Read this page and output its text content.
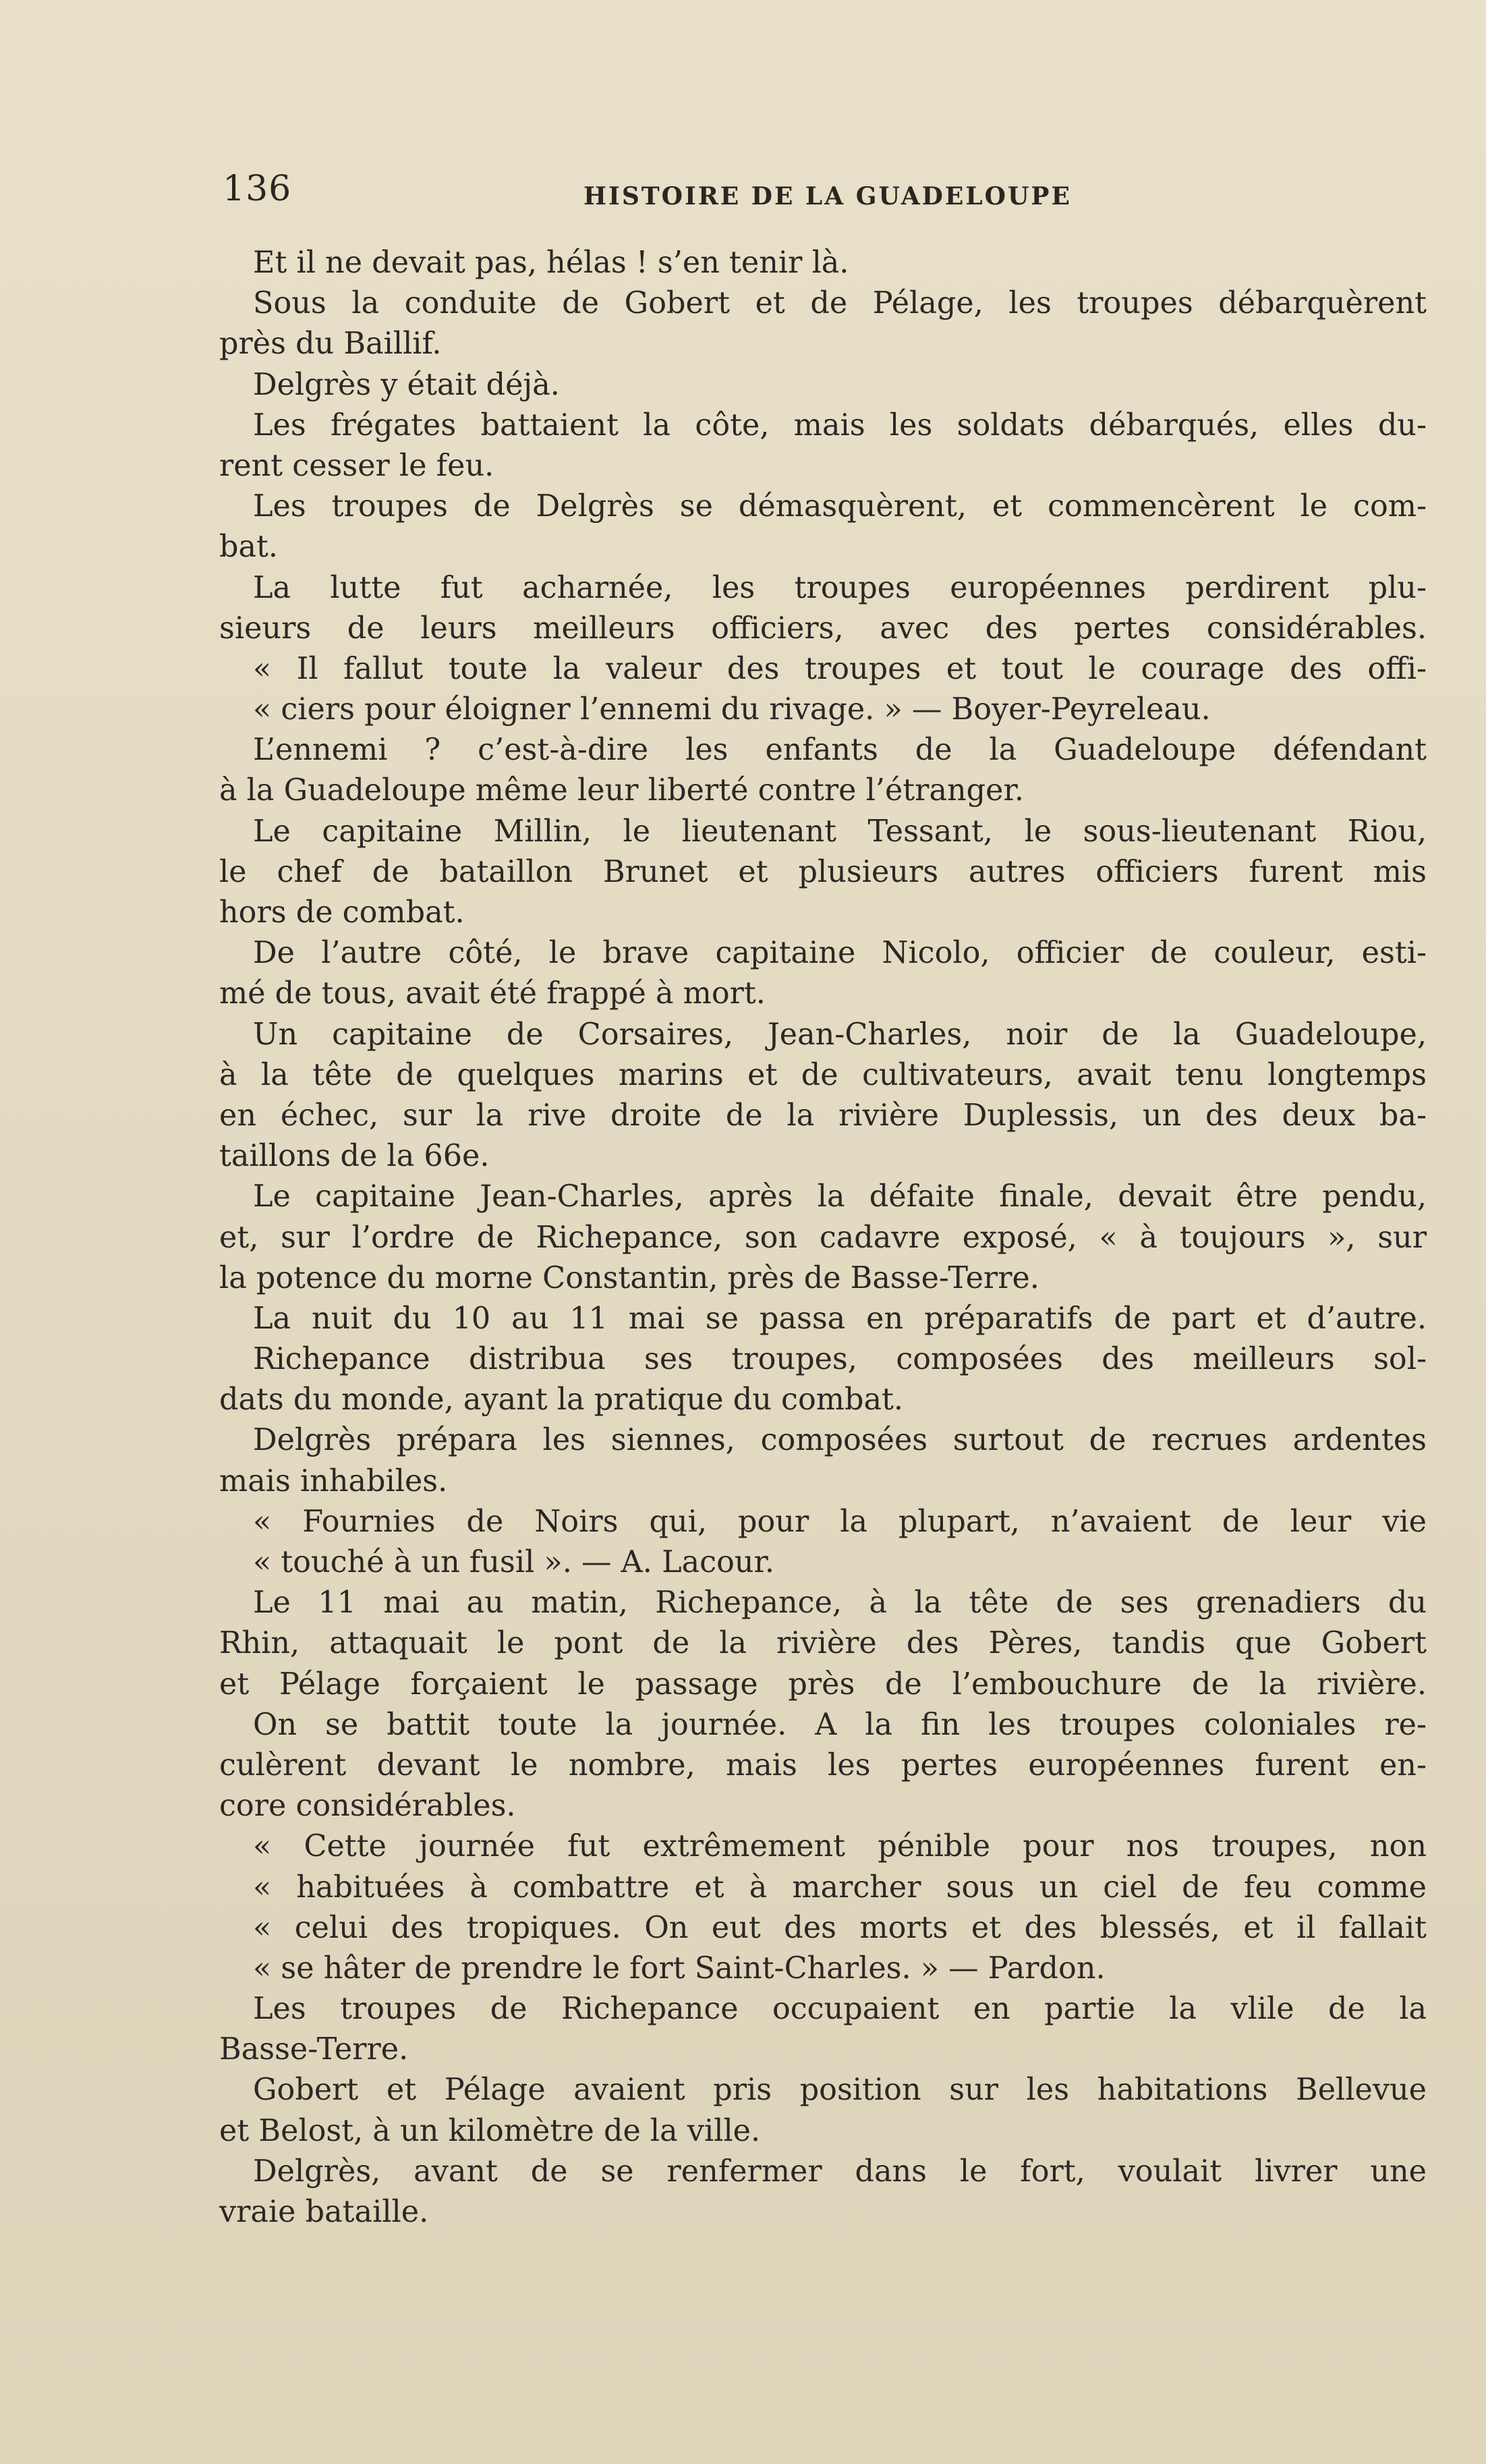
136	HISTOIRE DE LA GUADELOUPE
Et il ne devait pas, hélas ! s’en tenir là.
Sous la conduite de Gobert et de Pélage, les troupes débarquèrent
près du Baillif.
Delgrès y était déjà.
Les frégates battaient la côte, mais les soldats débarqués, elles du-
rent cesser le feu.
Les troupes de Delgrès se démasquèrent, et commencèrent le com-
bat.
La lutte fut acharnée, les troupes européennes perdirent plu-
sieurs de leurs meilleurs officiers, avec des pertes considérables.
« Il fallut toute la valeur des troupes et tout le courage des offi-
« ciers pour éloigner l’ennemi du rivage. » — Boyer-Peyreleau.
L’ennemi ? c’est-à-dire les enfants de la Guadeloupe défendant
à la Guadeloupe même leur liberté contre l’étranger.
Le capitaine Millin, le lieutenant Tessant, le sous-lieutenant Riou,
le chef de bataillon Brunet et plusieurs autres officiers furent mis
hors de combat.
De l’autre côté, le brave capitaine Nicolo, officier de couleur, esti-
mé de tous, avait été frappé à mort.
Un capitaine de Corsaires, Jean-Charles, noir de la Guadeloupe,
à la tête de quelques marins et de cultivateurs, avait tenu longtemps
en échec, sur la rive droite de la rivière Duplessis, un des deux ba-
taillons de la 66e.
Le capitaine Jean-Charles, après la défaite finale, devait être pendu,
et, sur l’ordre de Richepance, son cadavre exposé, « à toujours », sur
la potence du morne Constantin, près de Basse-Terre.
La nuit du 10 au 11 mai se passa en préparatifs de part et d’autre.
Richepance distribua ses troupes, composées des meilleurs sol-
dats du monde, ayant la pratique du combat.
Delgrès prépara les siennes, composées surtout de recrues ardentes
mais inhabiles.
« Fournies de Noirs qui, pour la plupart, n’avaient de leur vie
« touché à un fusil ». — A. Lacour.
Le 11 mai au matin, Richepance, à la tête de ses grenadiers du
Rhin, attaquait le pont de la rivière des Pères, tandis que Gobert
et Pélage forçaient le passage près de l’embouchure de la rivière.
On se battit toute la journée. A la fin les troupes coloniales re-
culèrent devant le nombre, mais les pertes européennes furent en-
core considérables.
« Cette journée fut extrêmement pénible pour nos troupes, non
« habituées à combattre et à marcher sous un ciel de feu comme
« celui des tropiques. On eut des morts et des blessés, et il fallait
« se hâter de prendre le fort Saint-Charles. » — Pardon.
Les troupes de Richepance occupaient en partie la vlile de la
Basse-Terre.
Gobert et Pélage avaient pris position sur les habitations Bellevue
et Belost, à un kilomètre de la ville.
Delgrès, avant de se renfermer dans le fort, voulait livrer une
vraie bataille.
